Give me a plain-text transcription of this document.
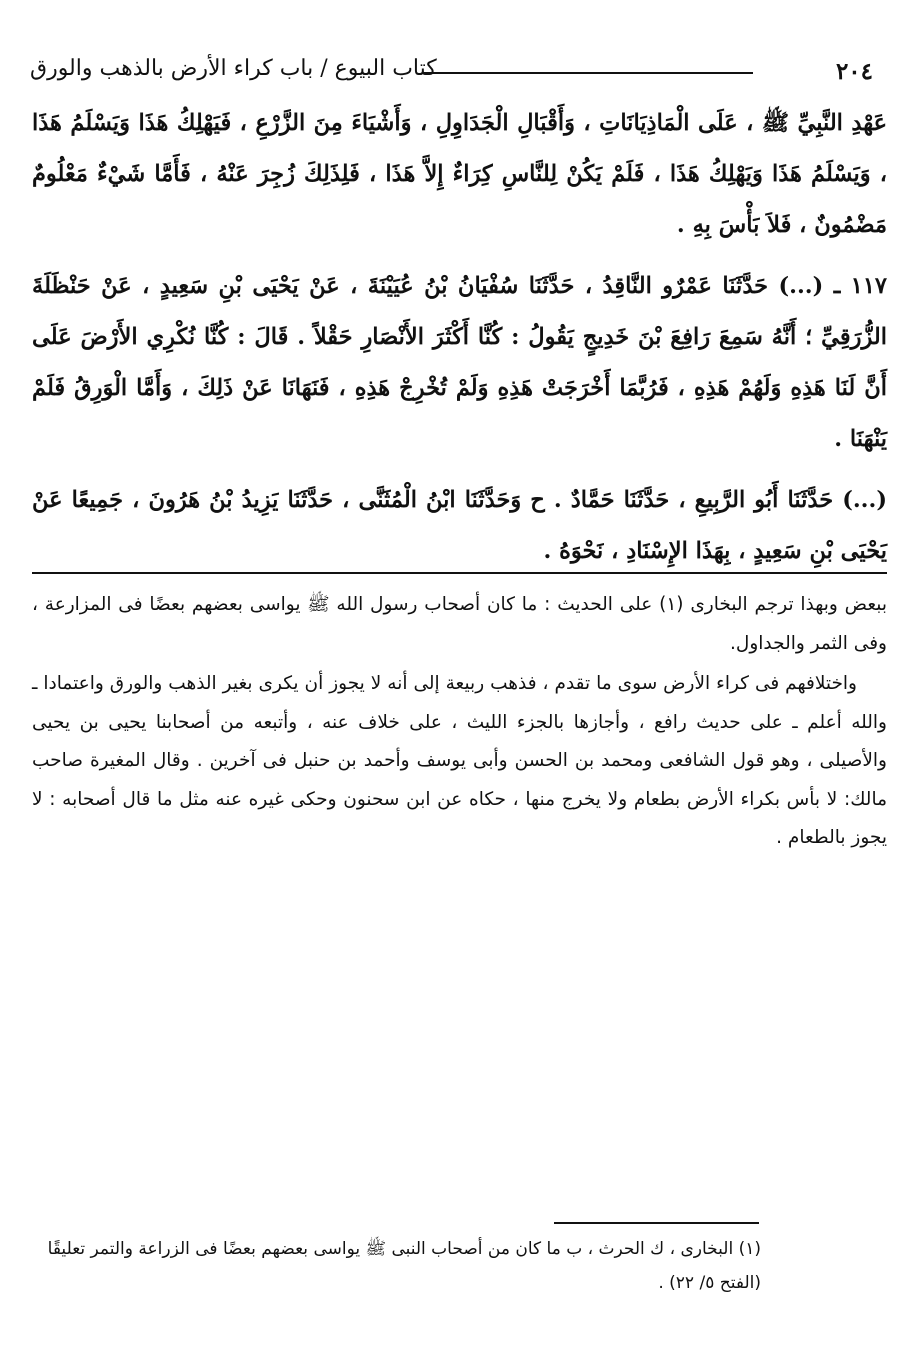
٢٠٤
كتاب البيوع / باب كراء الأرض بالذهب والورق

عَهْدِ النَّبِيِّ ﷺ ، عَلَى الْمَاذِيَانَاتِ ، وَأَقْبَالِ الْجَدَاوِلِ ، وَأَشْيَاءَ مِنَ الزَّرْعِ ، فَيَهْلِكُ هَذَا وَيَسْلَمُ هَذَا ، وَيَسْلَمُ هَذَا وَيَهْلِكُ هَذَا ، فَلَمْ يَكُنْ لِلنَّاسِ كِرَاءٌ إِلاَّ هَذَا ، فَلِذَلِكَ زُجِرَ عَنْهُ ، فَأَمَّا شَيْءٌ مَعْلُومٌ مَضْمُونٌ ، فَلاَ بَأْسَ بِهِ .

١١٧ ـ (...) حَدَّثَنَا عَمْرٌو النَّاقِدُ ، حَدَّثَنَا سُفْيَانُ بْنُ عُيَيْنَةَ ، عَنْ يَحْيَى بْنِ سَعِيدٍ ، عَنْ حَنْظَلَةَ الزُّرَقِيِّ ؛ أَنَّهُ سَمِعَ رَافِعَ بْنَ خَدِيجٍ يَقُولُ : كُنَّا أَكْثَرَ الأَنْصَارِ حَقْلاً . قَالَ : كُنَّا نُكْرِي الأَرْضَ عَلَى أَنَّ لَنَا هَذِهِ وَلَهُمْ هَذِهِ ، فَرُبَّمَا أَخْرَجَتْ هَذِهِ وَلَمْ تُخْرِجْ هَذِهِ ، فَنَهَانَا عَنْ ذَلِكَ ، وَأَمَّا الْوَرِقُ فَلَمْ يَنْهَنَا .

(...) حَدَّثَنَا أَبُو الرَّبِيعِ ، حَدَّثَنَا حَمَّادٌ . ح وَحَدَّثَنَا ابْنُ الْمُثَنَّى ، حَدَّثَنَا يَزِيدُ بْنُ هَرُونَ ، جَمِيعًا عَنْ يَحْيَى بْنِ سَعِيدٍ ، بِهَذَا الإِسْنَادِ ، نَحْوَهُ .

ببعض وبهذا ترجم البخارى (١) على الحديث : ما كان أصحاب رسول الله ﷺ يواسى بعضهم بعضًا فى المزارعة ، وفى الثمر والجداول.

واختلافهم فى كراء الأرض سوى ما تقدم ، فذهب ربيعة إلى أنه لا يجوز أن يكرى بغير الذهب والورق واعتمادا ـ والله أعلم ـ على حديث رافع ، وأجازها بالجزء الليث ، على خلاف عنه ، وأتبعه من أصحابنا يحيى بن يحيى والأصيلى ، وهو قول الشافعى ومحمد بن الحسن وأبى يوسف وأحمد بن حنبل فى آخرين . وقال المغيرة صاحب مالك: لا بأس بكراء الأرض بطعام ولا يخرج منها ، حكاه عن ابن سحنون وحكى غيره عنه مثل ما قال أصحابه : لا يجوز بالطعام .

(١) البخارى ، ك الحرث ، ب ما كان من أصحاب النبى ﷺ يواسى بعضهم بعضًا فى الزراعة والتمر تعليقًا

(الفتح ٥/ ٢٢) .
